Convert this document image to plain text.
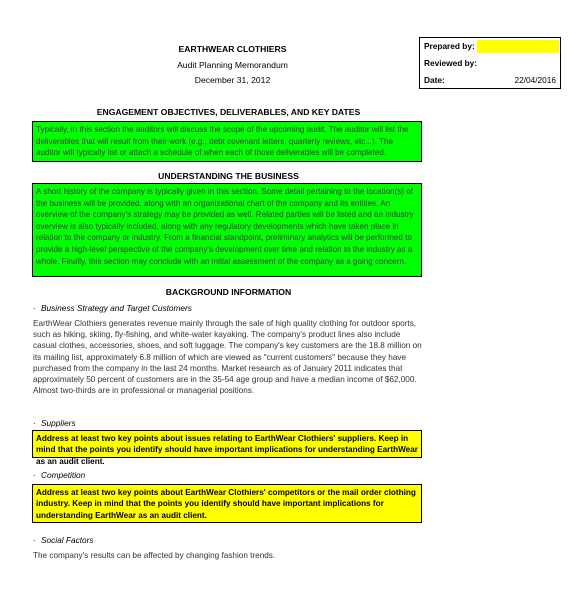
EARTHWEAR CLOTHIERS
Audit Planning Memorandum
December 31, 2012
Prepared by:
Reviewed by:
Date:	22/04/2016
ENGAGEMENT OBJECTIVES, DELIVERABLES, AND KEY DATES
Typically, in this section the auditors will discuss the scope of the upcoming audit. The auditor will list the deliverables that will result from their work (e.g., debt covenant letters, quarterly reviews, etc...). The auditor will typically list or attach a schedule of when each of those deliverables will be completed.
UNDERSTANDING THE BUSINESS
A short history of the company is typically given in this section. Some detail pertaining to the location(s) of the business will be provided, along with an organizational chart of the company and its entities. An overview of the company's strategy may be provided as well. Related parties will be listed and an industry overview is also typically included, along with any regulatory developments which have taken place in relation to the company or industry. From a financial standpoint, preliminary analytics will be performed to provide a high-level perspective of the company's development over time and relation to the industry as a whole. Finally, this section may conclude with an initial assessment of the company as a going concern.
BACKGROUND INFORMATION
· Business Strategy and Target Customers
EarthWear Clothiers generates revenue mainly through the sale of high quality clothing for outdoor sports, such as hiking, skiing, fly-fishing, and white-water kayaking. The company's product lines also include casual clothes, accessories, shoes, and soft luggage. The company's key customers are the 18.8 million on its mailing list, approximately 6.8 million of which are viewed as "current customers" because they have purchased from the company in the last 24 months. Market research as of January 2011 indicates that approximately 50 percent of customers are in the 35-54 age group and have a median income of $62,000. Almost two-thirds are in professional or managerial positions.
· Suppliers
Address at least two key points about issues relating to EarthWear Clothiers' suppliers. Keep in mind that the points you identify should have important implications for understanding EarthWear as an audit client.
· Competition
Address at least two key points about EarthWear Clothiers' competitors or the mail order clothing industry. Keep in mind that the points you identify should have important implications for understanding EarthWear as an audit client.
· Social Factors
The company's results can be affected by changing fashion trends.
